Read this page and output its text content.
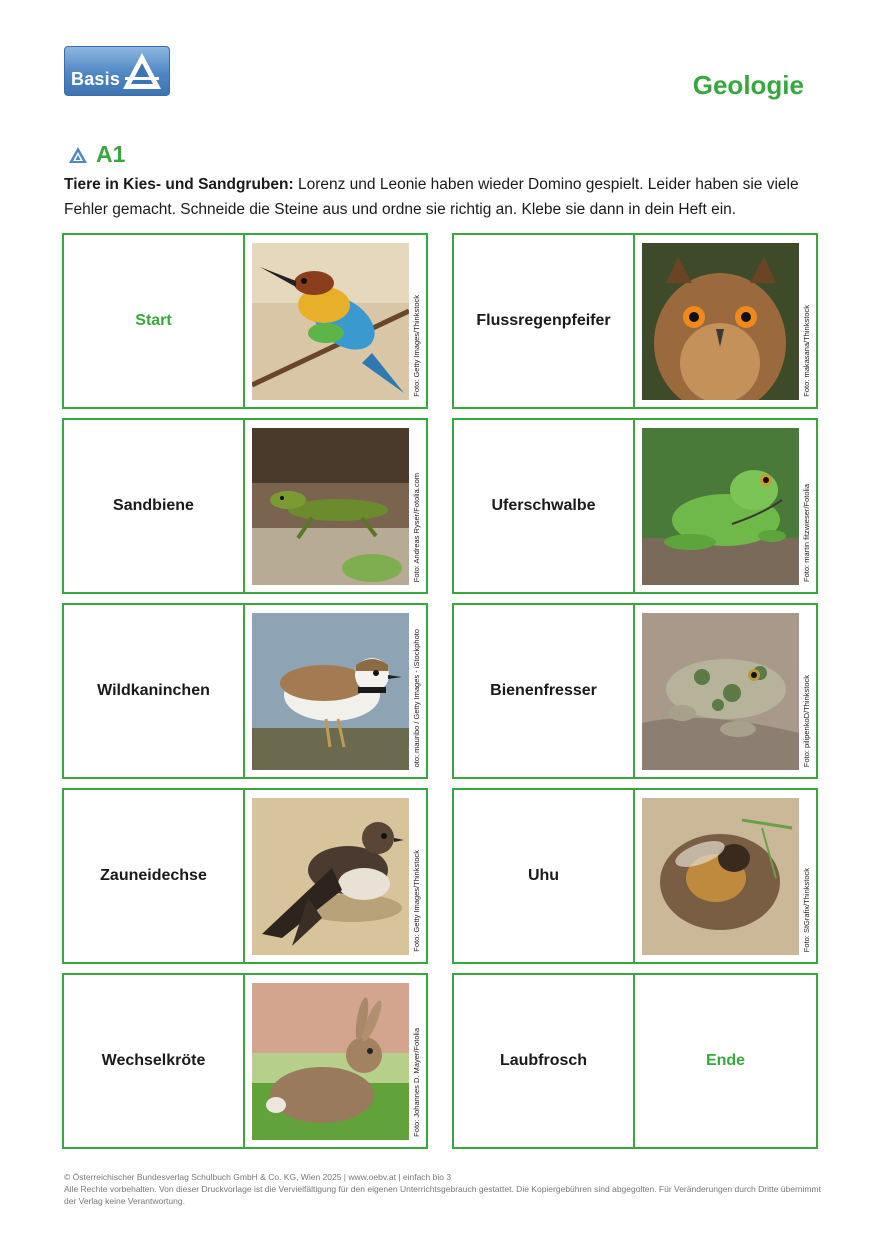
Basis	Geologie
A1

Tiere in Kies- und Sandgruben: Lorenz und Leonie haben wieder Domino gespielt. Leider haben sie viele Fehler gemacht. Schneide die Steine aus und ordne sie richtig an. Klebe sie dann in dein Heft ein.

Start	Foto: Getty Images/Thinkstock
Sandbiene	Foto: Andreas Ryser/Fotolia.com
Wildkaninchen	oto: mauribo / Getty Images - iStockphoto
Zauneidechse	Foto: Getty Images/Thinkstock
Wechselkröte	Foto: Johannes D. Mayer/Fotolia
Flussregenpfeifer	Foto: makasana/Thinkstock
Uferschwalbe	Foto: martin fitzwieser/Fotolia
Bienenfresser	Foto: pilipenkoD/Thinkstock
Uhu	Foto: StGrafix/Thinkstock
Laubfrosch	Ende

© Österreichischer Bundesverlag Schulbuch GmbH & Co. KG, Wien 2025 | www.oebv.at | einfach bio 3

Alle Rechte vorbehalten. Von dieser Druckvorlage ist die Vervielfältigung für den eigenen Unterrichtsgebrauch gestattet. Die Kopiergebühren sind abgegolten. Für Veränderungen durch Dritte übernimmt der Verlag keine Verantwortung.
